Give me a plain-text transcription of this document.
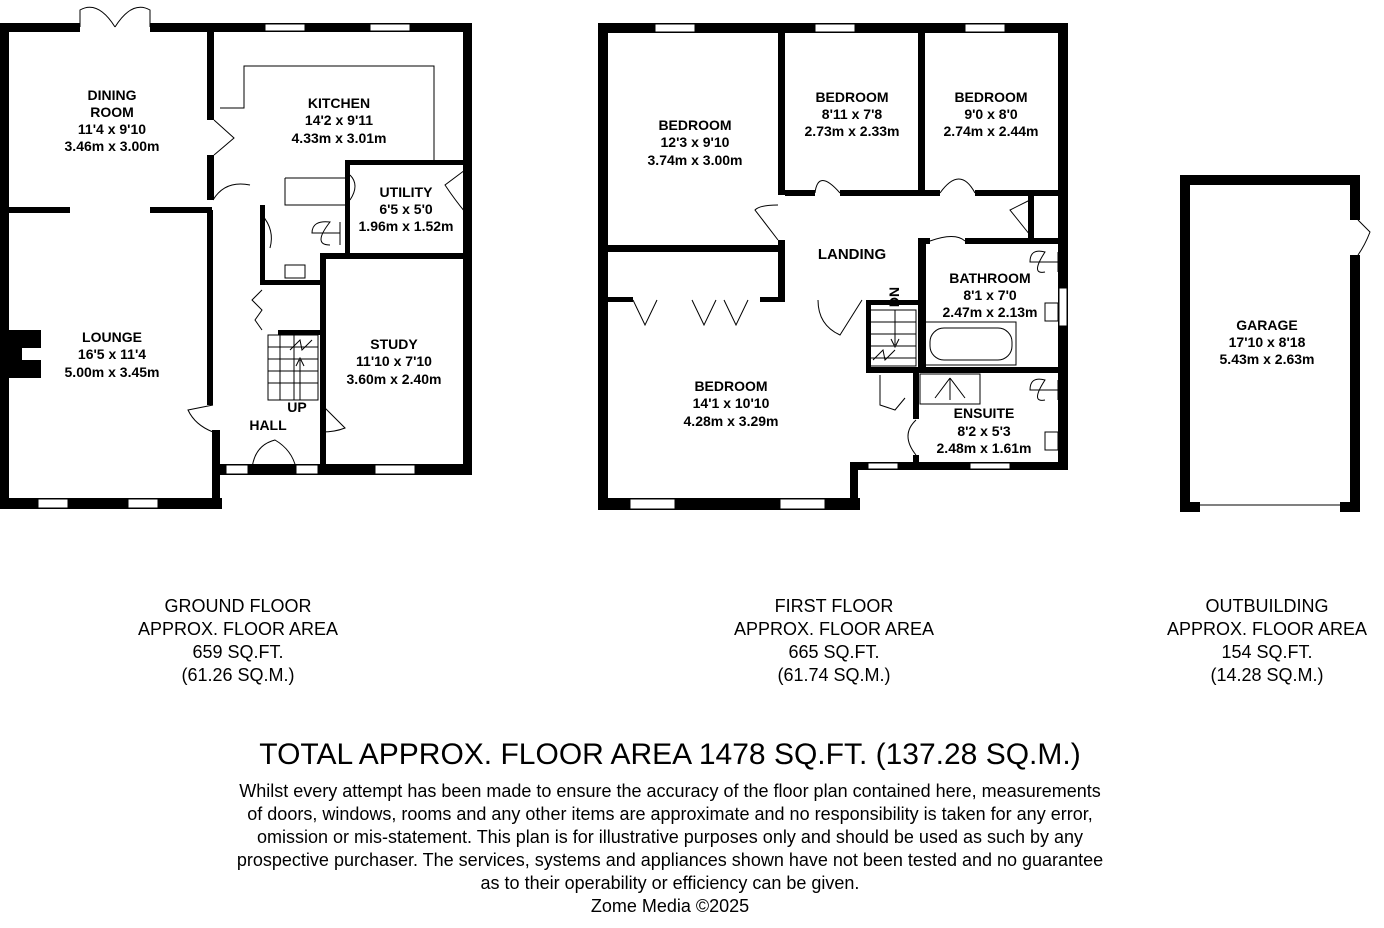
DINING
ROOM
11'4 x 9'10
3.46m x 3.00m
KITCHEN
14'2 x 9'11
4.33m x 3.01m
UTILITY
6'5 x 5'0
1.96m x 1.52m
LOUNGE
16'5 x 11'4
5.00m x 3.45m
STUDY
11'10 x 7'10
3.60m x 2.40m
HALL
UP
BEDROOM
12'3 x 9'10
3.74m x 3.00m
BEDROOM
8'11 x 7'8
2.73m x 2.33m
BEDROOM
9'0 x 8'0
2.74m x 2.44m
LANDING
BATHROOM
8'1 x 7'0
2.47m x 2.13m
BEDROOM
14'1 x 10'10
4.28m x 3.29m	ENSUITE
8'2 x 5'3
2.48m x 1.61m
DN
GARAGE
17'10 x 8'18
5.43m x 2.63m
GROUND FLOOR
APPROX. FLOOR AREA
659 SQ.FT.
(61.26 SQ.M.)
FIRST FLOOR
APPROX. FLOOR AREA
665 SQ.FT.
(61.74 SQ.M.)
OUTBUILDING
APPROX. FLOOR AREA
154 SQ.FT.
(14.28 SQ.M.)
TOTAL APPROX. FLOOR AREA 1478 SQ.FT. (137.28 SQ.M.)
Whilst every attempt has been made to ensure the accuracy of the floor plan contained here, measurements
of doors, windows, rooms and any other items are approximate and no responsibility is taken for any error,
omission or mis-statement. This plan is for illustrative purposes only and should be used as such by any
prospective purchaser. The services, systems and appliances shown have not been tested and no guarantee
as to their operability or efficiency can be given.
Zome Media ©2025
